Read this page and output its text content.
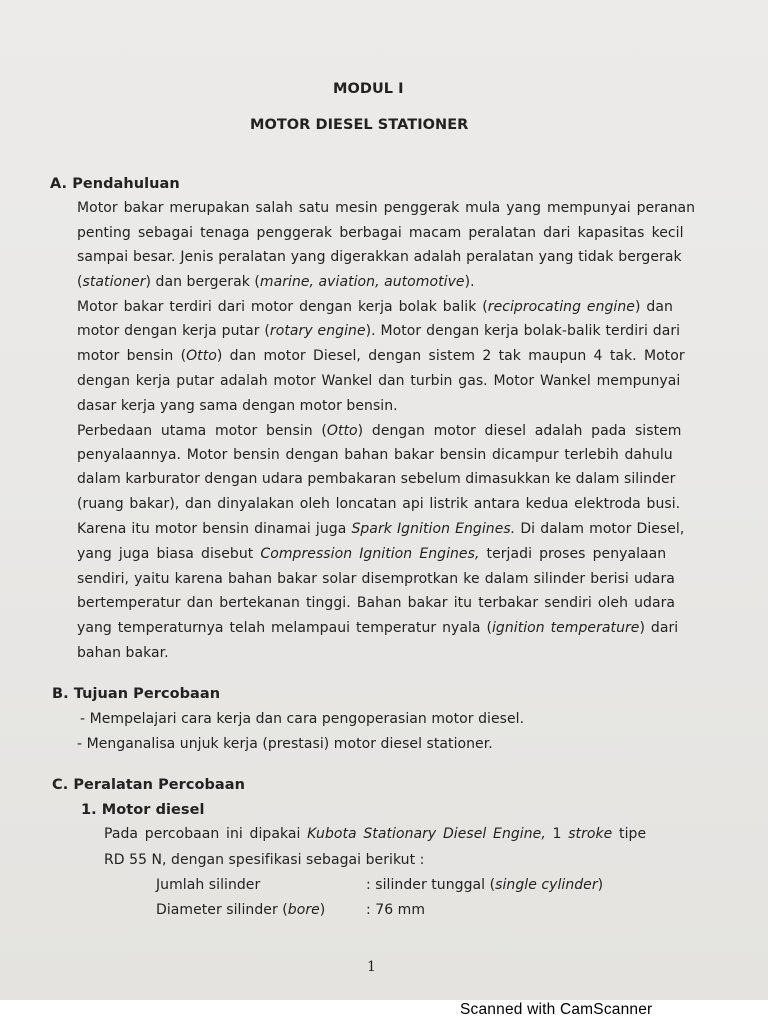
MODUL I
MOTOR DIESEL STATIONER
A. Pendahuluan
Motor bakar merupakan salah satu mesin penggerak mula yang mempunyai peranan
penting sebagai tenaga penggerak berbagai macam peralatan dari kapasitas kecil
sampai besar. Jenis peralatan yang digerakkan adalah peralatan yang tidak bergerak
(stationer) dan bergerak (marine, aviation, automotive).
Motor bakar terdiri dari motor dengan kerja bolak balik (reciprocating engine) dan
motor dengan kerja putar (rotary engine). Motor dengan kerja bolak-balik terdiri dari
motor bensin (Otto) dan motor Diesel, dengan sistem 2 tak maupun 4 tak. Motor
dengan kerja putar adalah motor Wankel dan turbin gas. Motor Wankel mempunyai
dasar kerja yang sama dengan motor bensin.
Perbedaan utama motor bensin (Otto) dengan motor diesel adalah pada sistem
penyalaannya. Motor bensin dengan bahan bakar bensin dicampur terlebih dahulu
dalam karburator dengan udara pembakaran sebelum dimasukkan ke dalam silinder
(ruang bakar), dan dinyalakan oleh loncatan api listrik antara kedua elektroda busi.
Karena itu motor bensin dinamai juga Spark Ignition Engines. Di dalam motor Diesel,
yang juga biasa disebut Compression Ignition Engines, terjadi proses penyalaan
sendiri, yaitu karena bahan bakar solar disemprotkan ke dalam silinder berisi udara
bertemperatur dan bertekanan tinggi. Bahan bakar itu terbakar sendiri oleh udara
yang temperaturnya telah melampaui temperatur nyala (ignition temperature) dari
bahan bakar.
B. Tujuan Percobaan
- Mempelajari cara kerja dan cara pengoperasian motor diesel.
- Menganalisa unjuk kerja (prestasi) motor diesel stationer.
C. Peralatan Percobaan
1. Motor diesel
Pada percobaan ini dipakai Kubota Stationary Diesel Engine, 1 stroke tipe
RD 55 N, dengan spesifikasi sebagai berikut :
Jumlah silinder	: silinder tunggal (single cylinder)
Diameter silinder (bore)	: 76 mm
1
Scanned with CamScanner
